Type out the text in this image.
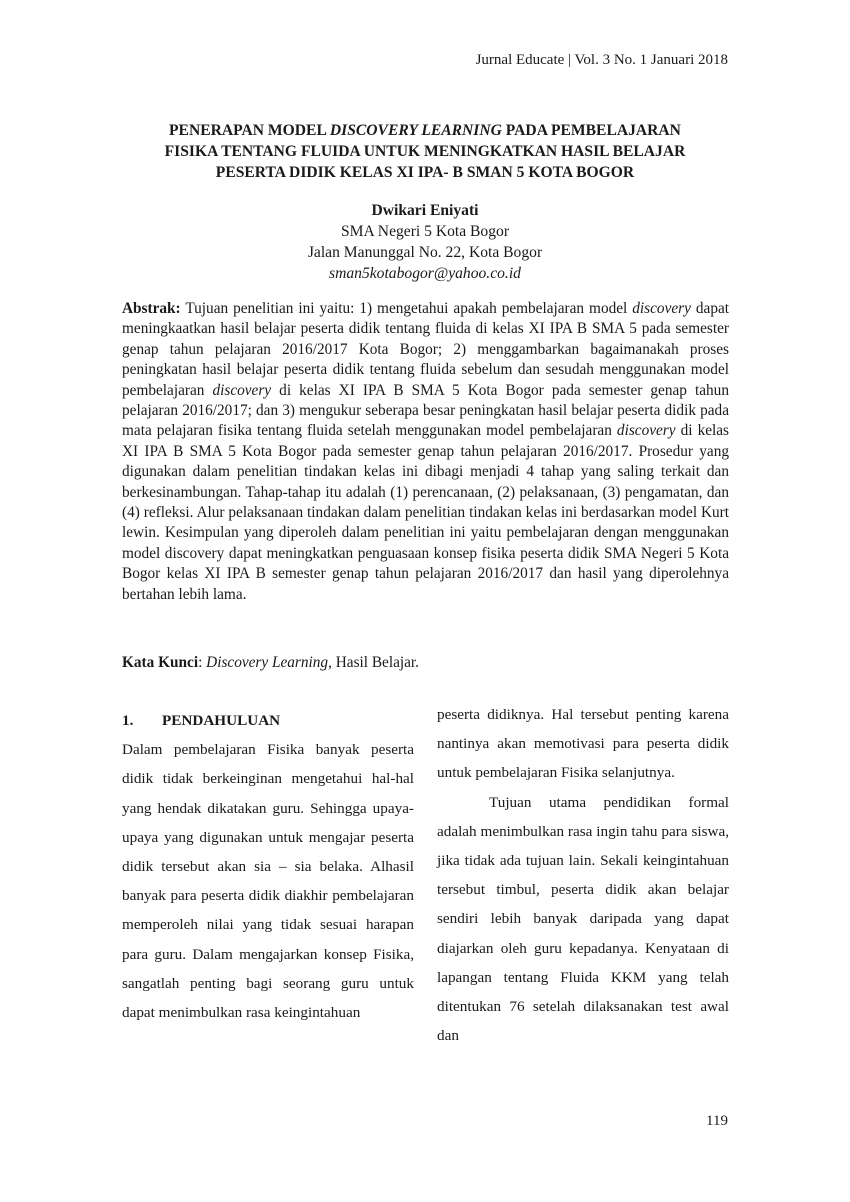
Jurnal Educate | Vol. 3 No. 1 Januari 2018
PENERAPAN MODEL DISCOVERY LEARNING PADA PEMBELAJARAN
FISIKA TENTANG FLUIDA UNTUK MENINGKATKAN HASIL BELAJAR
PESERTA DIDIK KELAS XI IPA- B SMAN 5 KOTA BOGOR
Dwikari Eniyati
SMA Negeri 5 Kota Bogor
Jalan Manunggal No. 22, Kota Bogor
sman5kotabogor@yahoo.co.id
Abstrak: Tujuan penelitian ini yaitu: 1) mengetahui apakah pembelajaran model discovery dapat meningkaatkan hasil belajar peserta didik tentang fluida di kelas XI IPA B SMA 5 pada semester genap tahun pelajaran 2016/2017 Kota Bogor; 2) menggambarkan bagaimanakah proses peningkatan hasil belajar peserta didik tentang fluida sebelum dan sesudah menggunakan model pembelajaran discovery di kelas XI IPA B SMA 5 Kota Bogor pada semester genap tahun pelajaran 2016/2017; dan 3) mengukur seberapa besar peningkatan hasil belajar peserta didik pada mata pelajaran fisika tentang fluida setelah menggunakan model pembelajaran discovery di kelas XI IPA B SMA 5 Kota Bogor pada semester genap tahun pelajaran 2016/2017. Prosedur yang digunakan dalam penelitian tindakan kelas ini dibagi menjadi 4 tahap yang saling terkait dan berkesinambungan. Tahap-tahap itu adalah (1) perencanaan, (2) pelaksanaan, (3) pengamatan, dan (4) refleksi. Alur pelaksanaan tindakan dalam penelitian tindakan kelas ini berdasarkan model Kurt lewin. Kesimpulan yang diperoleh dalam penelitian ini yaitu pembelajaran dengan menggunakan model discovery dapat meningkatkan penguasaan konsep fisika peserta didik SMA Negeri 5 Kota Bogor kelas XI IPA B semester genap tahun pelajaran 2016/2017 dan hasil yang diperolehnya bertahan lebih lama.
Kata Kunci: Discovery Learning, Hasil Belajar.
1.	PENDAHULUAN

Dalam pembelajaran Fisika banyak peserta didik tidak berkeinginan mengetahui hal-hal yang hendak dikatakan guru. Sehingga upaya- upaya yang digunakan untuk mengajar peserta didik tersebut akan sia – sia belaka. Alhasil banyak para peserta didik diakhir pembelajaran memperoleh nilai yang tidak sesuai harapan para guru. Dalam mengajarkan konsep Fisika, sangatlah penting bagi seorang guru untuk dapat menimbulkan rasa keingintahuan

peserta didiknya. Hal tersebut penting karena nantinya akan memotivasi para peserta didik untuk pembelajaran Fisika selanjutnya.

Tujuan utama pendidikan formal adalah menimbulkan rasa ingin tahu para siswa, jika tidak ada tujuan lain. Sekali keingintahuan tersebut timbul, peserta didik akan belajar sendiri lebih banyak daripada yang dapat diajarkan oleh guru kepadanya. Kenyataan di lapangan tentang Fluida KKM yang telah ditentukan 76 setelah dilaksanakan test awal dan

119
